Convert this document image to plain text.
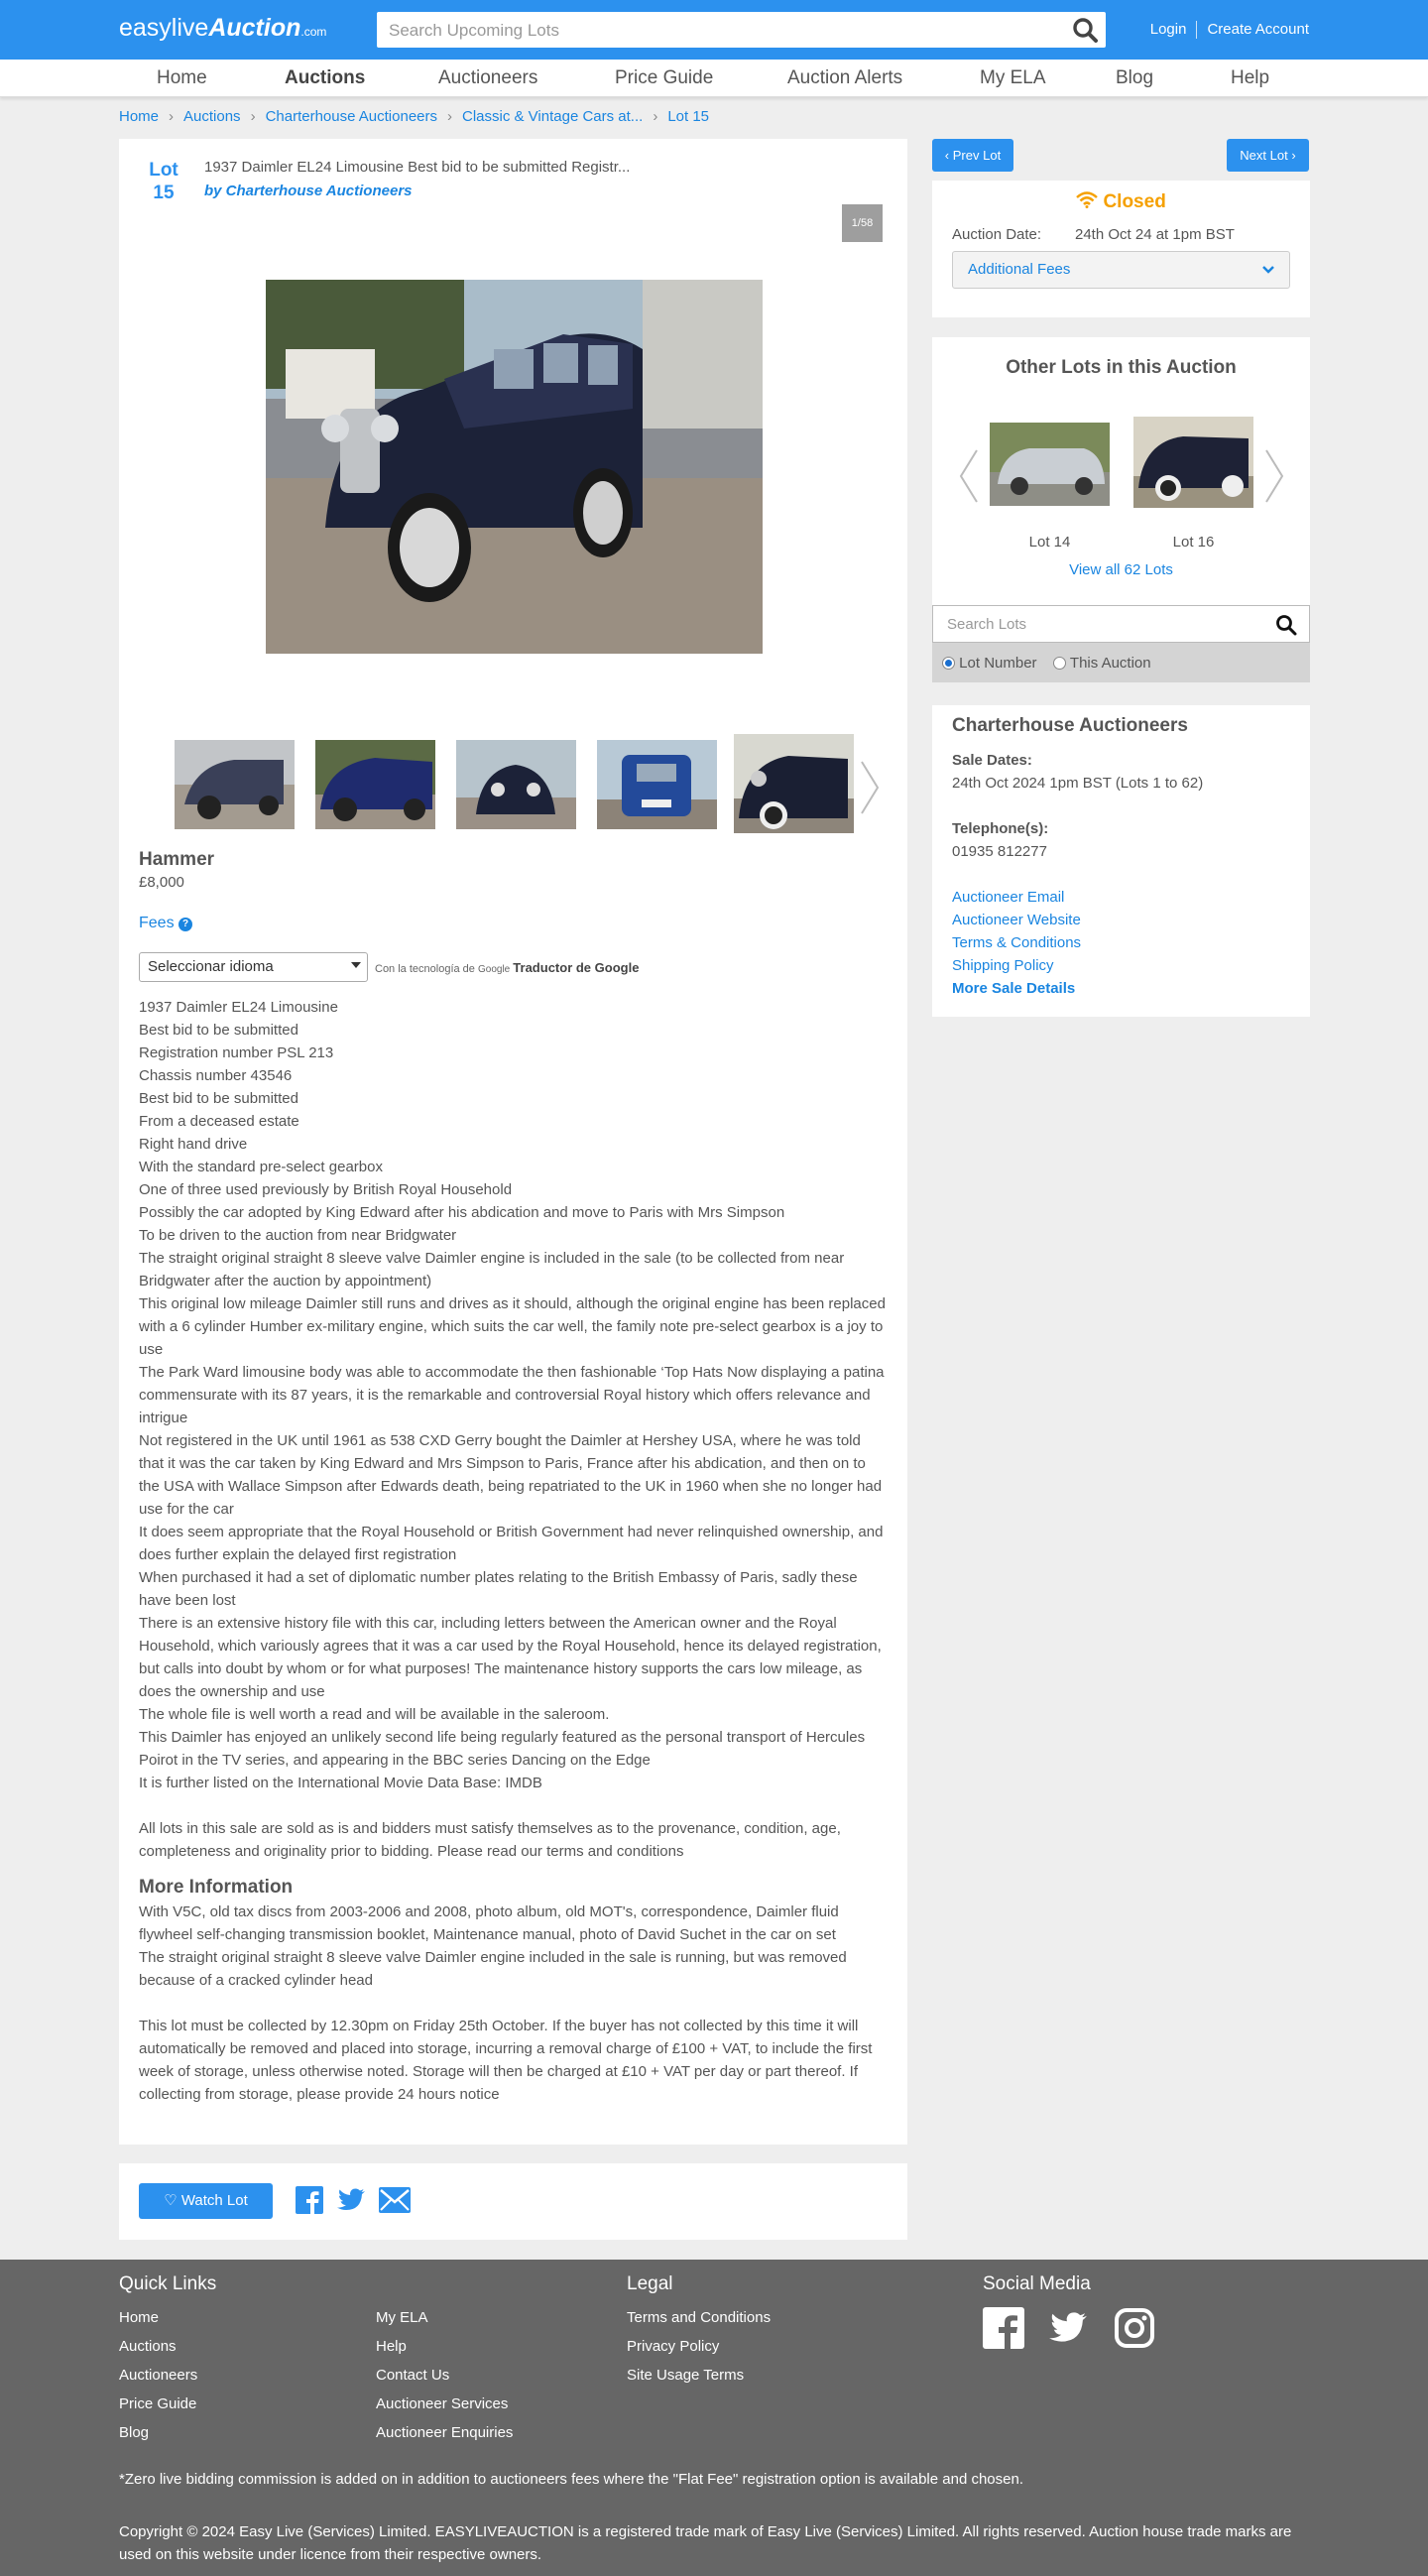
easyliveAuction.com	Search Upcoming Lots	Login Create Account
Home	Auctions	Auctioneers	Price Guide	Auction Alerts	My ELA	Blog	Help
Home › Auctions › Charterhouse Auctioneers › Classic & Vintage Cars at... › Lot 15
Lot
15
1937 Daimler EL24 Limousine Best bid to be submitted Registr...
by Charterhouse Auctioneers
1/58
Hammer
£8,000
Fees ?
Seleccionar idioma	Con la tecnología de Google Traductor de Google

1937 Daimler EL24 Limousine

Best bid to be submitted

Registration number PSL 213

Chassis number 43546

Best bid to be submitted

From a deceased estate

Right hand drive

With the standard pre-select gearbox

One of three used previously by British Royal Household

Possibly the car adopted by King Edward after his abdication and move to Paris with Mrs Simpson

To be driven to the auction from near Bridgwater

The straight original straight 8 sleeve valve Daimler engine is included in the sale (to be collected from near Bridgwater after the auction by appointment)

This original low mileage Daimler still runs and drives as it should, although the original engine has been replaced with a 6 cylinder Humber ex-military engine, which suits the car well, the family note pre-select gearbox is a joy to use

The Park Ward limousine body was able to accommodate the then fashionable ‘Top Hats Now displaying a patina commensurate with its 87 years, it is the remarkable and controversial Royal history which offers relevance and intrigue

Not registered in the UK until 1961 as 538 CXD Gerry bought the Daimler at Hershey USA, where he was told that it was the car taken by King Edward and Mrs Simpson to Paris, France after his abdication, and then on to the USA with Wallace Simpson after Edwards death, being repatriated to the UK in 1960 when she no longer had use for the car

It does seem appropriate that the Royal Household or British Government had never relinquished ownership, and does further explain the delayed first registration

When purchased it had a set of diplomatic number plates relating to the British Embassy of Paris, sadly these have been lost

There is an extensive history file with this car, including letters between the American owner and the Royal Household, which variously agrees that it was a car used by the Royal Household, hence its delayed registration, but calls into doubt by whom or for what purposes! The maintenance history supports the cars low mileage, as does the ownership and use

The whole file is well worth a read and will be available in the saleroom.

This Daimler has enjoyed an unlikely second life being regularly featured as the personal transport of Hercules Poirot in the TV series, and appearing in the BBC series Dancing on the Edge

It is further listed on the International Movie Data Base: IMDB

All lots in this sale are sold as is and bidders must satisfy themselves as to the provenance, condition, age, completeness and originality prior to bidding. Please read our terms and conditions

More Information

With V5C, old tax discs from 2003-2006 and 2008, photo album, old MOT's, correspondence, Daimler fluid flywheel self-changing transmission booklet, Maintenance manual, photo of David Suchet in the car on set

The straight original straight 8 sleeve valve Daimler engine included in the sale is running, but was removed because of a cracked cylinder head

This lot must be collected by 12.30pm on Friday 25th October. If the buyer has not collected by this time it will automatically be removed and placed into storage, incurring a removal charge of £100 + VAT, to include the first week of storage, unless otherwise noted. Storage will then be charged at £10 + VAT per day or part thereof. If collecting from storage, please provide 24 hours notice

♡ Watch Lot
‹ Prev Lot	Next Lot ›
Closed
Auction Date: 24th Oct 24 at 1pm BST
Additional Fees
Other Lots in this Auction
Lot 14	Lot 16
View all 62 Lots
Search Lots
Lot Number	This Auction
Charterhouse Auctioneers
Sale Dates:
24th Oct 2024 1pm BST (Lots 1 to 62)
Telephone(s):
01935 812277
Auctioneer Email
Auctioneer Website
Terms & Conditions
Shipping Policy
More Sale Details
Quick Links
Home
Auctions
Auctioneers
Price Guide
Blog
My ELA
Help
Contact Us
Auctioneer Services
Auctioneer Enquiries
Legal
Terms and Conditions
Privacy Policy
Site Usage Terms
Social Media
*Zero live bidding commission is added on in addition to auctioneers fees where the "Flat Fee" registration option is available and chosen.
Copyright © 2024 Easy Live (Services) Limited. EASYLIVEAUCTION is a registered trade mark of Easy Live (Services) Limited. All rights reserved. Auction house trade marks are used on this website under licence from their respective owners.
